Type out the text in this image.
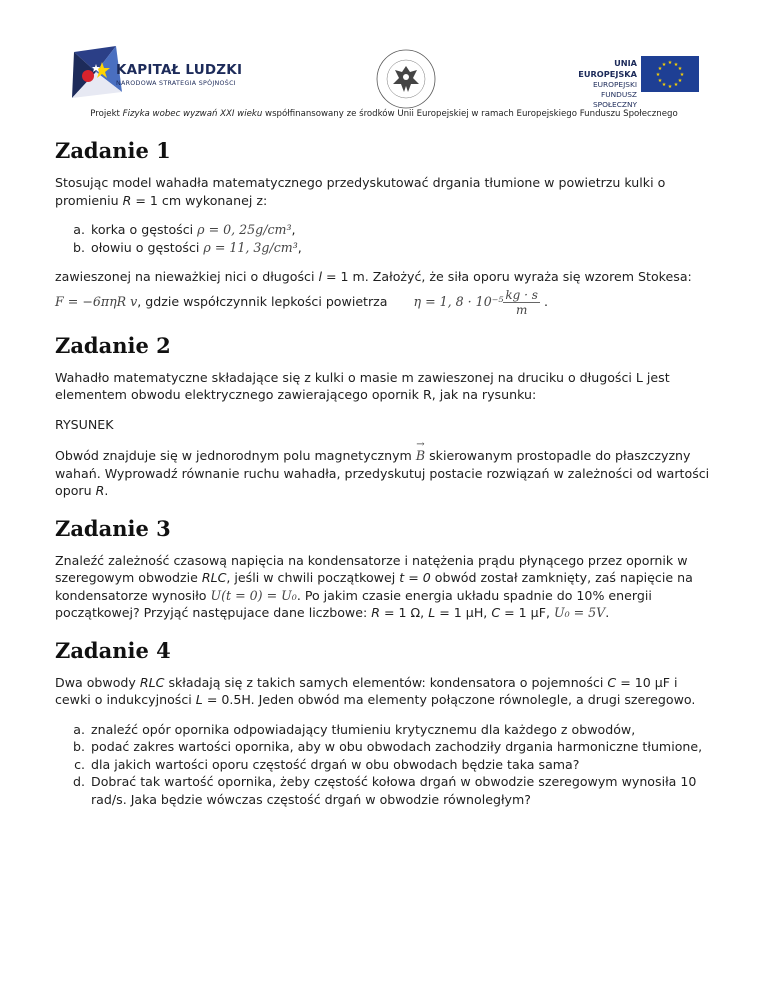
KAPITAŁ LUDZKI
NARODOWA STRATEGIA SPÓJNOŚCI
UNIA EUROPEJSKA
EUROPEJSKI
FUNDUSZ SPOŁECZNY
★ ★
★
★
★
★
★
★
★
★
★
★
Projekt Fizyka wobec wyzwań XXI wieku współfinansowany ze środków Unii Europejskiej w ramach Europejskiego Funduszu Społecznego
Zadanie 1

Stosując model wahadła matematycznego przedyskutować drgania tłumione w powietrzu kulki o promieniu R = 1 cm wykonanej z:

a. korka o gęstości ρ = 0, 25g/cm³,
b. ołowiu o gęstości ρ = 11, 3g/cm³,

zawieszonej na nieważkiej nici o długości l = 1 m. Założyć, że siła oporu wyraża się wzorem Stokesa:

F = −6πηR v, gdzie współczynnik lepkości powietrza η = 1, $8 \cdot 10^{-5} \frac{kg \cdot s}{m}$ .

Zadanie 2

Wahadło matematyczne składające się z kulki o masie m zawieszonej na druciku o długości L jest elementem obwodu elektrycznego zawierającego opornik R, jak na rysunku:

RYSUNEK

Obwód znajduje się w jednorodnym polu magnetycznym → B skierowanym prostopadle do płaszczyzny wahań. Wyprowadź równanie ruchu wahadła, przedyskutuj postacie rozwiązań w zależności od wartości oporu R.

Zadanie 3

Znaleźć zależność czasową napięcia na kondensatorze i natężenia prądu płynącego przez opornik w szeregowym obwodzie RLC, jeśli w chwili początkowej t = 0 obwód został zamknięty, zaś napięcie na kondensatorze wynosiło U(t = 0) = U₀. Po jakim czasie energia układu spadnie do 10% energii początkowej? Przyjąć następujace dane liczbowe: R = 1 Ω, L = 1 µH, C = 1 µF, U₀ = 5V.

Zadanie 4

Dwa obwody RLC składają się z takich samych elementów: kondensatora o pojemności C = 10 µF i cewki o indukcyjności L = 0.5H. Jeden obwód ma elementy połączone równolegle, a drugi szeregowo.

a. znaleźć opór opornika odpowiadający tłumieniu krytycznemu dla każdego z obwodów,
b. podać zakres wartości opornika, aby w obu obwodach zachodziły drgania harmoniczne tłumione,
c. dla jakich wartości oporu częstość drgań w obu obwodach będzie taka sama?
d. Dobrać tak wartość opornika, żeby częstość kołowa drgań w obwodzie szeregowym wynosiła 10 rad/s. Jaka będzie wówczas częstość drgań w obwodzie równoległym?
